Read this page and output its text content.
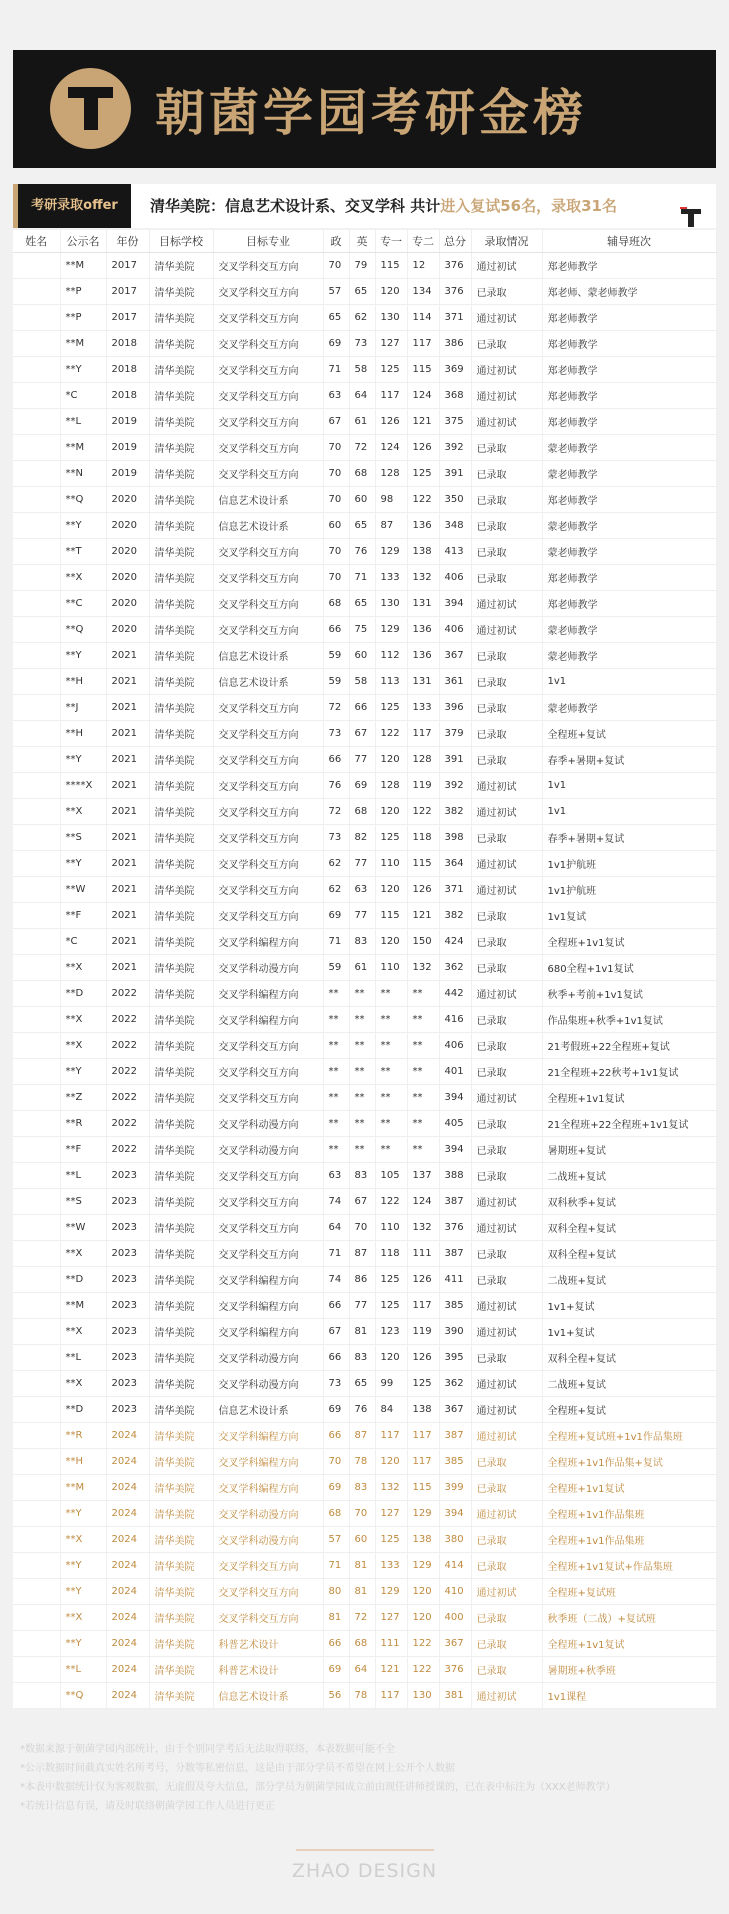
朝菌学园考研金榜
考研录取offer	清华美院：信息艺术设计系、交叉学科 共计进入复试56名，录取31名
姓名	公示名	年份	目标学校	目标专业	政	英	专一	专二	总分	录取情况	辅导班次
	**M	2017	清华美院	交叉学科交互方向	70	79	115	12	376	通过初试	郑老师教学
	**P	2017	清华美院	交叉学科交互方向	57	65	120	134	376	已录取	郑老师、蒙老师教学
	**P	2017	清华美院	交叉学科交互方向	65	62	130	114	371	通过初试	郑老师教学
	**M	2018	清华美院	交叉学科交互方向	69	73	127	117	386	已录取	郑老师教学
	**Y	2018	清华美院	交叉学科交互方向	71	58	125	115	369	通过初试	郑老师教学
	*C	2018	清华美院	交叉学科交互方向	63	64	117	124	368	通过初试	郑老师教学
	**L	2019	清华美院	交叉学科交互方向	67	61	126	121	375	通过初试	郑老师教学
	**M	2019	清华美院	交叉学科交互方向	70	72	124	126	392	已录取	蒙老师教学
	**N	2019	清华美院	交叉学科交互方向	70	68	128	125	391	已录取	蒙老师教学
	**Q	2020	清华美院	信息艺术设计系	70	60	98	122	350	已录取	郑老师教学
	**Y	2020	清华美院	信息艺术设计系	60	65	87	136	348	已录取	蒙老师教学
	**T	2020	清华美院	交叉学科交互方向	70	76	129	138	413	已录取	蒙老师教学
	**X	2020	清华美院	交叉学科交互方向	70	71	133	132	406	已录取	郑老师教学
	**C	2020	清华美院	交叉学科交互方向	68	65	130	131	394	通过初试	郑老师教学
	**Q	2020	清华美院	交叉学科交互方向	66	75	129	136	406	通过初试	蒙老师教学
	**Y	2021	清华美院	信息艺术设计系	59	60	112	136	367	已录取	蒙老师教学
	**H	2021	清华美院	信息艺术设计系	59	58	113	131	361	已录取	1v1
	**J	2021	清华美院	交叉学科交互方向	72	66	125	133	396	已录取	蒙老师教学
	**H	2021	清华美院	交叉学科交互方向	73	67	122	117	379	已录取	全程班+复试
	**Y	2021	清华美院	交叉学科交互方向	66	77	120	128	391	已录取	春季+暑期+复试
	****X	2021	清华美院	交叉学科交互方向	76	69	128	119	392	通过初试	1v1
	**X	2021	清华美院	交叉学科交互方向	72	68	120	122	382	通过初试	1v1
	**S	2021	清华美院	交叉学科交互方向	73	82	125	118	398	已录取	春季+暑期+复试
	**Y	2021	清华美院	交叉学科交互方向	62	77	110	115	364	通过初试	1v1护航班
	**W	2021	清华美院	交叉学科交互方向	62	63	120	126	371	通过初试	1v1护航班
	**F	2021	清华美院	交叉学科交互方向	69	77	115	121	382	已录取	1v1复试
	*C	2021	清华美院	交叉学科编程方向	71	83	120	150	424	已录取	全程班+1v1复试
	**X	2021	清华美院	交叉学科动漫方向	59	61	110	132	362	已录取	680全程+1v1复试
	**D	2022	清华美院	交叉学科编程方向	**	**	**	**	442	通过初试	秋季+考前+1v1复试
	**X	2022	清华美院	交叉学科编程方向	**	**	**	**	416	已录取	作品集班+秋季+1v1复试
	**X	2022	清华美院	交叉学科交互方向	**	**	**	**	406	已录取	21考假班+22全程班+复试
	**Y	2022	清华美院	交叉学科交互方向	**	**	**	**	401	已录取	21全程班+22秋考+1v1复试
	**Z	2022	清华美院	交叉学科交互方向	**	**	**	**	394	通过初试	全程班+1v1复试
	**R	2022	清华美院	交叉学科动漫方向	**	**	**	**	405	已录取	21全程班+22全程班+1v1复试
	**F	2022	清华美院	交叉学科动漫方向	**	**	**	**	394	已录取	暑期班+复试
	**L	2023	清华美院	交叉学科交互方向	63	83	105	137	388	已录取	二战班+复试
	**S	2023	清华美院	交叉学科交互方向	74	67	122	124	387	通过初试	双科秋季+复试
	**W	2023	清华美院	交叉学科交互方向	64	70	110	132	376	通过初试	双科全程+复试
	**X	2023	清华美院	交叉学科交互方向	71	87	118	111	387	已录取	双科全程+复试
	**D	2023	清华美院	交叉学科编程方向	74	86	125	126	411	已录取	二战班+复试
	**M	2023	清华美院	交叉学科编程方向	66	77	125	117	385	通过初试	1v1+复试
	**X	2023	清华美院	交叉学科编程方向	67	81	123	119	390	通过初试	1v1+复试
	**L	2023	清华美院	交叉学科动漫方向	66	83	120	126	395	已录取	双科全程+复试
	**X	2023	清华美院	交叉学科动漫方向	73	65	99	125	362	通过初试	二战班+复试
	**D	2023	清华美院	信息艺术设计系	69	76	84	138	367	通过初试	全程班+复试
	**R	2024	清华美院	交叉学科编程方向	66	87	117	117	387	通过初试	全程班+复试班+1v1作品集班
	**H	2024	清华美院	交叉学科编程方向	70	78	120	117	385	已录取	全程班+1v1作品集+复试
	**M	2024	清华美院	交叉学科编程方向	69	83	132	115	399	已录取	全程班+1v1复试
	**Y	2024	清华美院	交叉学科动漫方向	68	70	127	129	394	通过初试	全程班+1v1作品集班
	**X	2024	清华美院	交叉学科动漫方向	57	60	125	138	380	已录取	全程班+1v1作品集班
	**Y	2024	清华美院	交叉学科交互方向	71	81	133	129	414	已录取	全程班+1v1复试+作品集班
	**Y	2024	清华美院	交叉学科交互方向	80	81	129	120	410	通过初试	全程班+复试班
	**X	2024	清华美院	交叉学科交互方向	81	72	127	120	400	已录取	秋季班（二战）+复试班
	**Y	2024	清华美院	科普艺术设计	66	68	111	122	367	已录取	全程班+1v1复试
	**L	2024	清华美院	科普艺术设计	69	64	121	122	376	已录取	暑期班+秋季班
	**Q	2024	清华美院	信息艺术设计系	56	78	117	130	381	通过初试	1v1课程
*数据来源于朝菌学园内部统计，由于个别同学考后无法取得联络，本表数据可能不全
*公示数据时间截真实姓名所考号，分数等私密信息，这是由于部分学员不希望在网上公开个人数据
*本表中数据统计仅为客观数据，无虚假及夸大信息，部分学员为朝菌学园成立前由现任讲师授课的，已在表中标注为（XXX老师教学）
*若统计信息有误，请及时联络朝菌学园工作人员进行更正
ZHAO DESIGN
